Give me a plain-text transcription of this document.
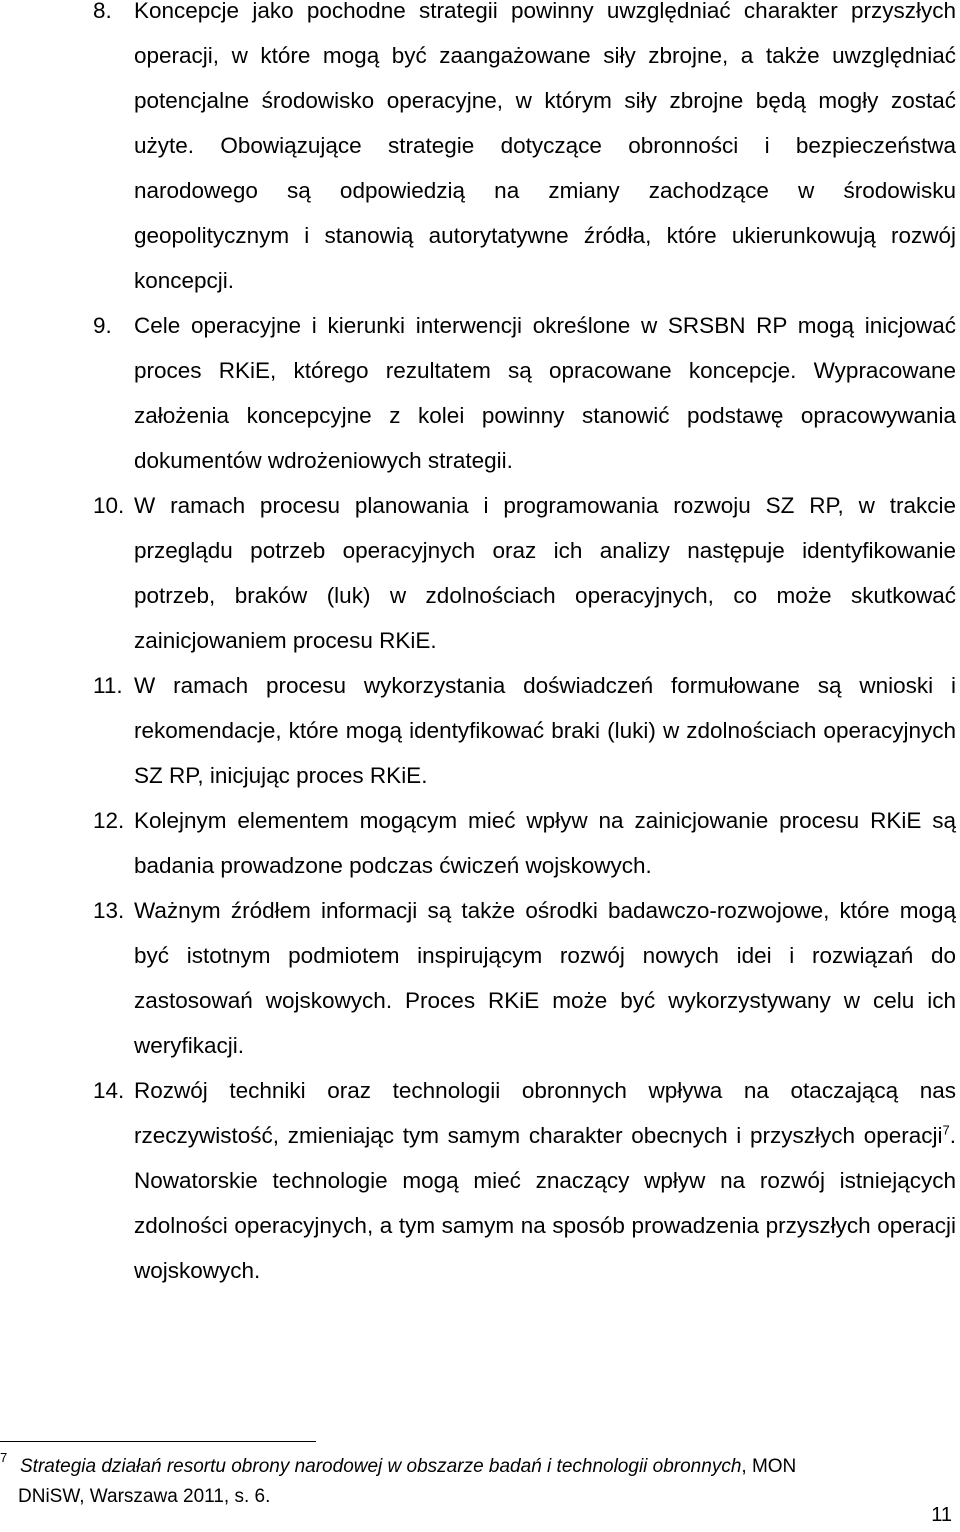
8. Koncepcje jako pochodne strategii powinny uwzględniać charakter przyszłych operacji, w które mogą być zaangażowane siły zbrojne, a także uwzględniać potencjalne środowisko operacyjne, w którym siły zbrojne będą mogły zostać użyte. Obowiązujące strategie dotyczące obronności i bezpieczeństwa narodowego są odpowiedzią na zmiany zachodzące w środowisku geopolitycznym i stanowią autorytatywne źródła, które ukierunkowują rozwój koncepcji.
9. Cele operacyjne i kierunki interwencji określone w SRSBN RP mogą inicjować proces RKiE, którego rezultatem są opracowane koncepcje. Wypracowane założenia koncepcyjne z kolei powinny stanowić podstawę opracowywania dokumentów wdrożeniowych strategii.
10. W ramach procesu planowania i programowania rozwoju SZ RP, w trakcie przeglądu potrzeb operacyjnych oraz ich analizy następuje identyfikowanie potrzeb, braków (luk) w zdolnościach operacyjnych, co może skutkować zainicjowaniem procesu RKiE.
11. W ramach procesu wykorzystania doświadczeń formułowane są wnioski i rekomendacje, które mogą identyfikować braki (luki) w zdolnościach operacyjnych SZ RP, inicjując proces RKiE.
12. Kolejnym elementem mogącym mieć wpływ na zainicjowanie procesu RKiE są badania prowadzone podczas ćwiczeń wojskowych.
13. Ważnym źródłem informacji są także ośrodki badawczo-rozwojowe, które mogą być istotnym podmiotem inspirującym rozwój nowych idei i rozwiązań do zastosowań wojskowych. Proces RKiE może być wykorzystywany w celu ich weryfikacji.
14. Rozwój techniki oraz technologii obronnych wpływa na otaczającą nas rzeczywistość, zmieniając tym samym charakter obecnych i przyszłych operacji$^7$. Nowatorskie technologie mogą mieć znaczący wpływ na rozwój istniejących zdolności operacyjnych, a tym samym na sposób prowadzenia przyszłych operacji wojskowych.
7 Strategia działań resortu obrony narodowej w obszarze badań i technologii obronnych, MON
DNiSW, Warszawa 2011, s. 6.
11
